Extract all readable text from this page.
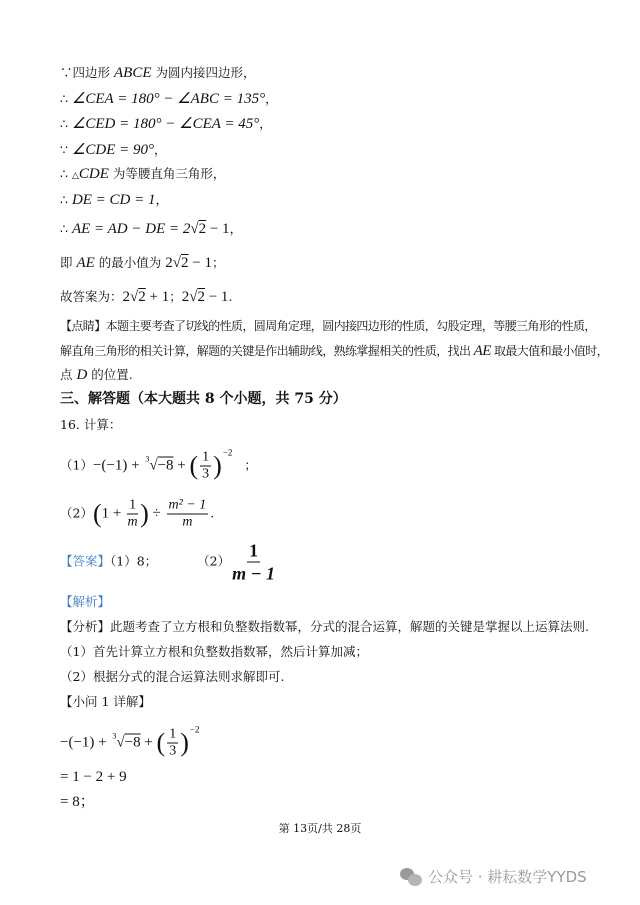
∵四边形 ABCE 为圆内接四边形，
∴ ∠CEA = 180° − ∠ABC = 135°，
∴ ∠CED = 180° − ∠CEA = 45°，
∵ ∠CDE = 90°，
∴ △CDE 为等腰直角三角形，
∴ DE = CD = 1，
∴ AE = AD − DE = 2√2 − 1，
即 AE 的最小值为 2√2 − 1；
故答案为：2√2 + 1；2√2 − 1.
【点睛】本题主要考查了切线的性质，圆周角定理，圆内接四边形的性质，勾股定理，等腰三角形的性质，
解直角三角形的相关计算，解题的关键是作出辅助线，熟练掌握相关的性质，找出 AE 取最大值和最小值时，
点 D 的位置.
三、解答题（本大题共 8 个小题，共 75 分）
16. 计算：
（1）−(−1) + $^3$√−8 + ( $\frac{1}{3} )^{-2}$   ；
$(2)(1 + \frac{1}{m}$ ) ÷ $\frac{\text{m² − 1}}{m}$ .
【答案】（1）8；	$(2) \frac{1}{m - 1}$
【解析】
【分析】此题考查了立方根和负整数指数幂，分式的混合运算，解题的关键是掌握以上运算法则.
（1）首先计算立方根和负整数指数幂，然后计算加减；
（2）根据分式的混合运算法则求解即可.
【小问 1 详解】
−(−1) + $^3$√−8 + ( $\frac{1}{3} )^{-2}$
= 1 − 2 + 9
= 8；
第 13页/共 28页
公众号 · 耕耘数学YYDS
